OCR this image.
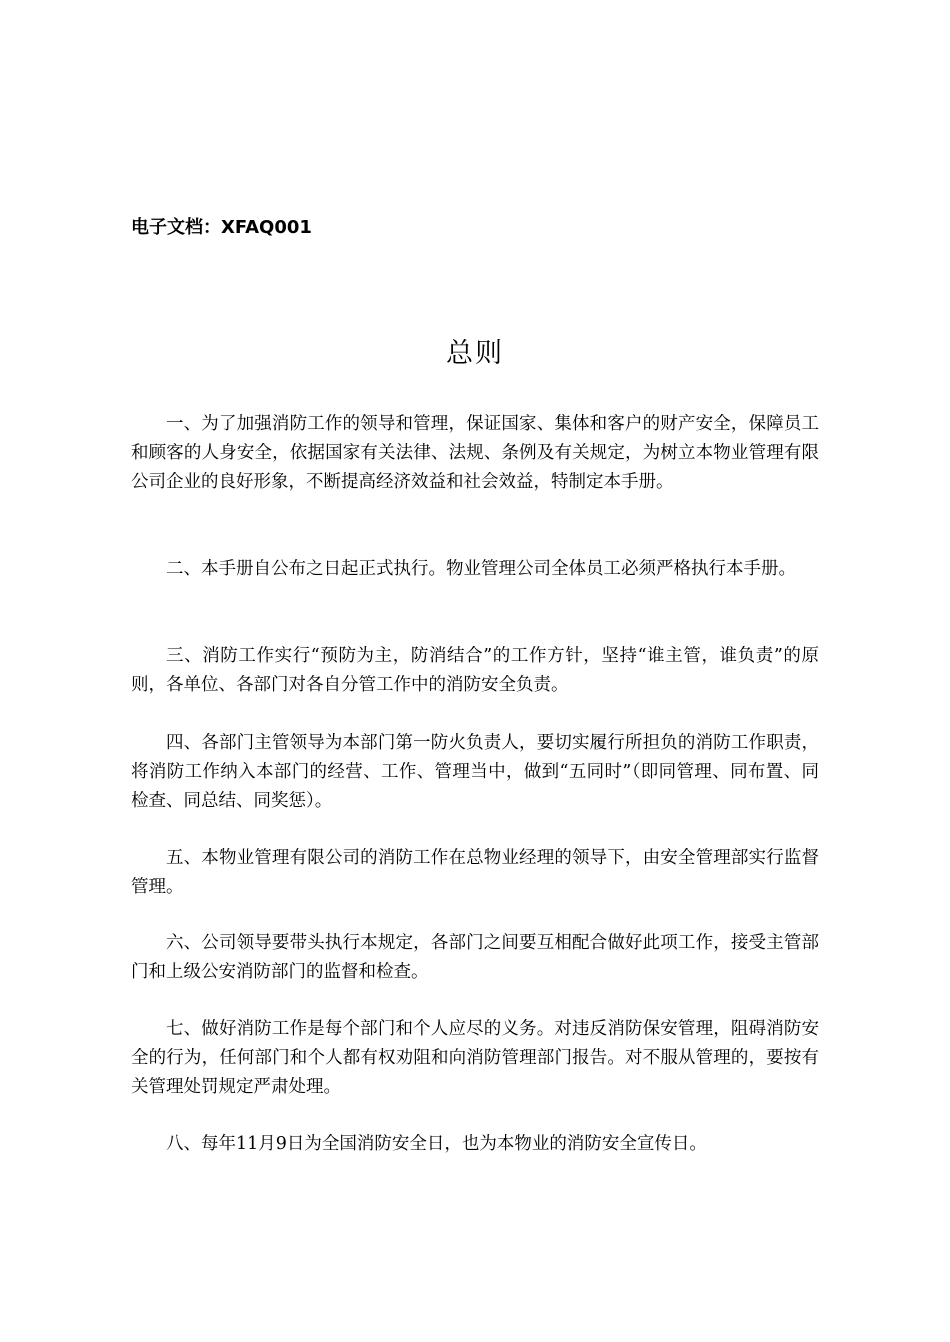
电子文档：XFAQ001
总则

一、为了加强消防工作的领导和管理，保证国家、集体和客户的财产安全，保障员工和顾客的人身安全，依据国家有关法律、法规、条例及有关规定，为树立本物业管理有限公司企业的良好形象，不断提高经济效益和社会效益，特制定本手册。

二、本手册自公布之日起正式执行。物业管理公司全体员工必须严格执行本手册。

三、消防工作实行“预防为主，防消结合”的工作方针，坚持“谁主管，谁负责”的原则，各单位、各部门对各自分管工作中的消防安全负责。

四、各部门主管领导为本部门第一防火负责人，要切实履行所担负的消防工作职责，将消防工作纳入本部门的经营、工作、管理当中，做到“五同时”（即同管理、同布置、同检查、同总结、同奖惩）。

五、本物业管理有限公司的消防工作在总物业经理的领导下，由安全管理部实行监督管理。

六、公司领导要带头执行本规定，各部门之间要互相配合做好此项工作，接受主管部门和上级公安消防部门的监督和检查。

七、做好消防工作是每个部门和个人应尽的义务。对违反消防保安管理，阻碍消防安全的行为，任何部门和个人都有权劝阻和向消防管理部门报告。对不服从管理的，要按有关管理处罚规定严肃处理。

八、每年11月9日为全国消防安全日，也为本物业的消防安全宣传日。
